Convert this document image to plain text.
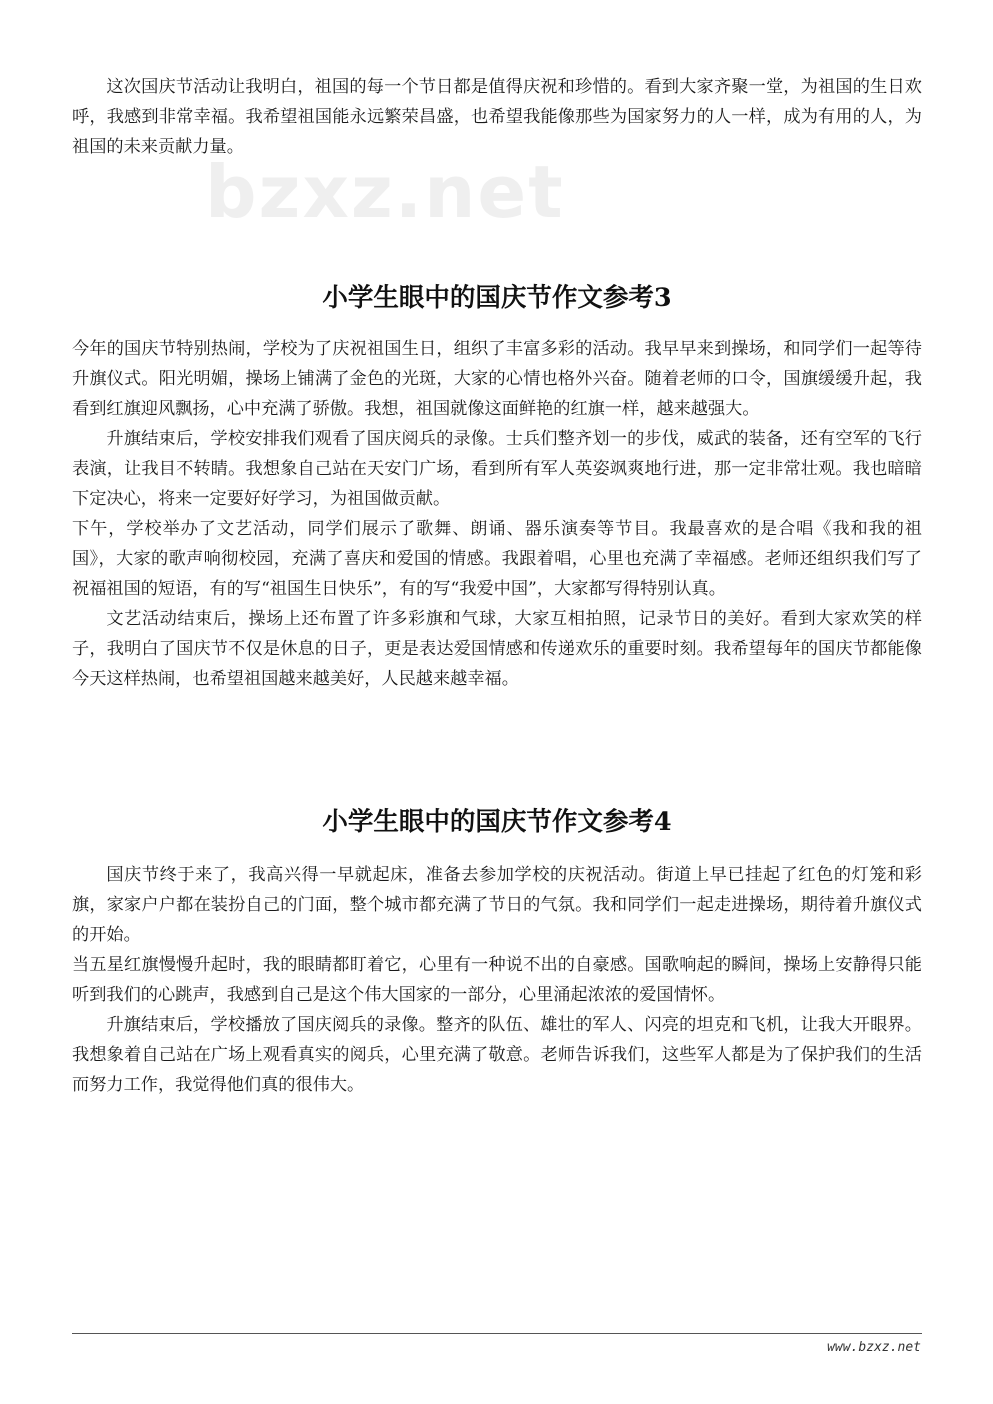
bzxz.net

这次国庆节活动让我明白，祖国的每一个节日都是值得庆祝和珍惜的。看到大家齐聚一堂，为祖国的生日欢呼，我感到非常幸福。我希望祖国能永远繁荣昌盛，也希望我能像那些为国家努力的人一样，成为有用的人，为祖国的未来贡献力量。

小学生眼中的国庆节作文参考3

今年的国庆节特别热闹，学校为了庆祝祖国生日，组织了丰富多彩的活动。我早早来到操场，和同学们一起等待升旗仪式。阳光明媚，操场上铺满了金色的光斑，大家的心情也格外兴奋。随着老师的口令，国旗缓缓升起，我看到红旗迎风飘扬，心中充满了骄傲。我想，祖国就像这面鲜艳的红旗一样，越来越强大。

升旗结束后，学校安排我们观看了国庆阅兵的录像。士兵们整齐划一的步伐，威武的装备，还有空军的飞行表演，让我目不转睛。我想象自己站在天安门广场，看到所有军人英姿飒爽地行进，那一定非常壮观。我也暗暗下定决心，将来一定要好好学习，为祖国做贡献。

下午，学校举办了文艺活动，同学们展示了歌舞、朗诵、器乐演奏等节目。我最喜欢的是合唱《我和我的祖国》，大家的歌声响彻校园，充满了喜庆和爱国的情感。我跟着唱，心里也充满了幸福感。老师还组织我们写了祝福祖国的短语，有的写“祖国生日快乐”，有的写“我爱中国”，大家都写得特别认真。

文艺活动结束后，操场上还布置了许多彩旗和气球，大家互相拍照，记录节日的美好。看到大家欢笑的样子，我明白了国庆节不仅是休息的日子，更是表达爱国情感和传递欢乐的重要时刻。我希望每年的国庆节都能像今天这样热闹，也希望祖国越来越美好，人民越来越幸福。

小学生眼中的国庆节作文参考4

国庆节终于来了，我高兴得一早就起床，准备去参加学校的庆祝活动。街道上早已挂起了红色的灯笼和彩旗，家家户户都在装扮自己的门面，整个城市都充满了节日的气氛。我和同学们一起走进操场，期待着升旗仪式的开始。

当五星红旗慢慢升起时，我的眼睛都盯着它，心里有一种说不出的自豪感。国歌响起的瞬间，操场上安静得只能听到我们的心跳声，我感到自己是这个伟大国家的一部分，心里涌起浓浓的爱国情怀。

升旗结束后，学校播放了国庆阅兵的录像。整齐的队伍、雄壮的军人、闪亮的坦克和飞机，让我大开眼界。我想象着自己站在广场上观看真实的阅兵，心里充满了敬意。老师告诉我们，这些军人都是为了保护我们的生活而努力工作，我觉得他们真的很伟大。

www.bzxz.net
